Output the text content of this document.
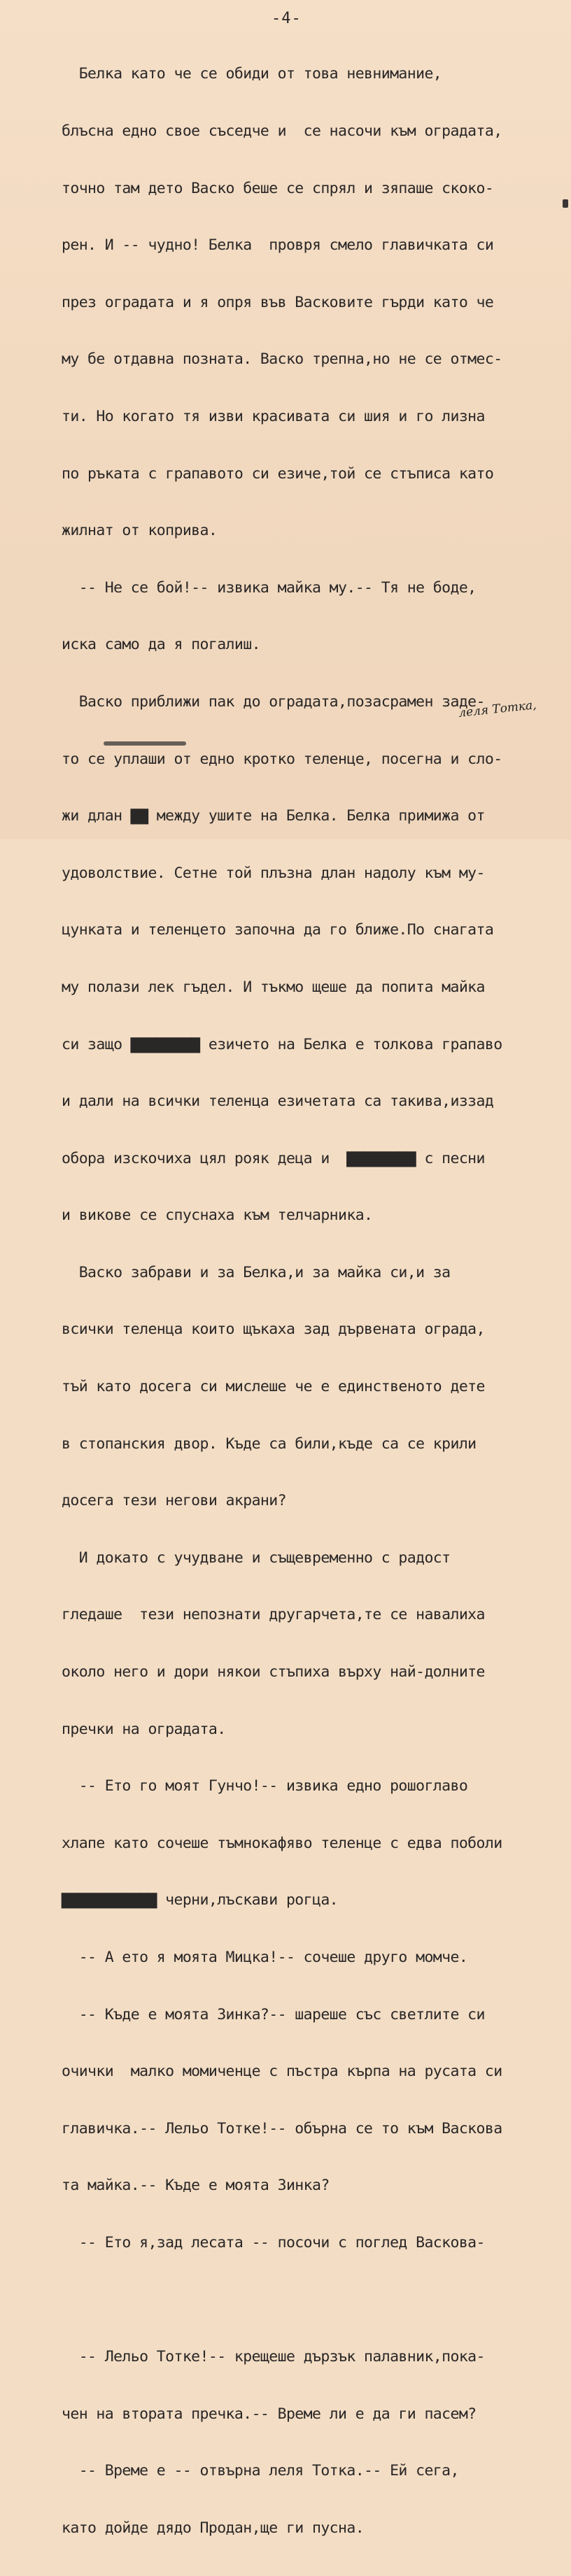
-4-

Белка като че се обиди от това невнимание,

блъсна едно свое съседче и  се насочи към оградата,

точно там дето Васко беше се спрял и зяпаше скоко-

рен. И -- чудно! Белка  провря смело главичката си

през оградата и я опря във Васковите гърди като че

му бе отдавна позната. Васко трепна,но не се отмес-

ти. Но когато тя изви красивата си шия и го лизна

по ръката с грапавото си езиче,той се стъписа като

жилнат от коприва.

-- Не се бой!-- извика майка му.-- Тя не боде,

иска само да я погалиш.

Васко приближи пак до оградата,позасрамен заде-

то се уплаши от едно кротко теленце, посегна и сло-

жи длан ▇▇ между ушите на Белка. Белка примижа от

удоволствие. Сетне той плъзна длан надолу към му-

цунката и теленцето започна да го ближе.По снагата

му полази лек гъдел. И тъкмо щеше да попита майка

си защо ▇▇▇▇▇▇▇▇ езичето на Белка е толкова грапаво

и дали на всички теленца езичетата са такива,иззад

обора изскочиха цял рояк деца и  ▇▇▇▇▇▇▇▇ с песни

и викове се спуснаха към телчарника.

Васко забрави и за Белка,и за майка си,и за

всички теленца които щъкаха зад дървената ограда,

тъй като досега си мислеше че е единственото дете

в стопанския двор. Къде са били,къде са се крили

досега тези негови акрани?

И докато с учудване и същевременно с радост

гледаше  тези непознати другарчета,те се навалиха

около него и дори някои стъпиха върху най-долните

пречки на оградата.

-- Ето го моят Гунчо!-- извика едно рошоглаво

хлапе като сочеше тъмнокафяво теленце с едва поболи

▇▇▇▇▇▇▇▇▇▇▇ черни,лъскави рогца.

-- А ето я моята Мицка!-- сочеше друго момче.

-- Къде е моята Зинка?-- шареше със светлите си

очички  малко момиченце с пъстра кърпа на русата си

главичка.-- Лельо Тотке!-- обърна се то към Васкова

та майка.-- Къде е моята Зинка?

-- Ето я,зад лесата -- посочи с поглед Васкова-

-- Лельо Тотке!-- крещеше дързък палавник,пока-

чен на втората пречка.-- Време ли е да ги пасем?

-- Време е -- отвърна леля Тотка.-- Ей сега,

като дойде дядо Продан,ще ги пусна.

леля Тотка,
